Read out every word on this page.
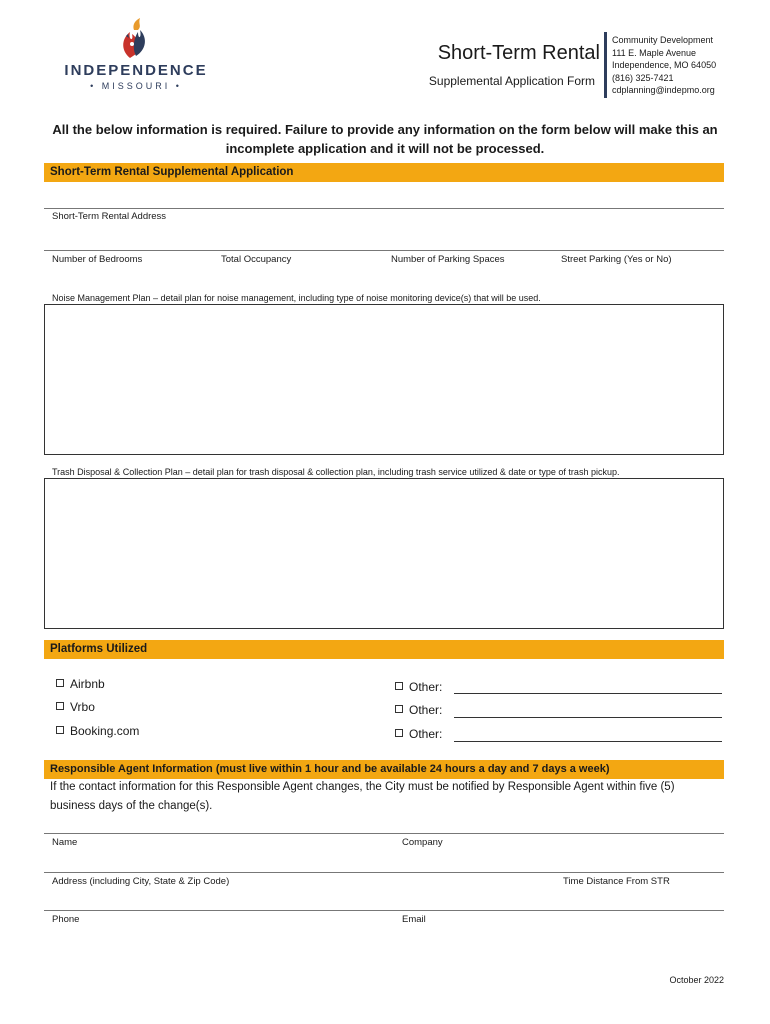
INDEPENDENCE
• MISSOURI •
Short-Term Rental
Supplemental Application Form
Community Development
111 E. Maple Avenue
Independence, MO 64050
(816) 325-7421
cdplanning@indepmo.org
All the below information is required. Failure to provide any information on the form below will make this an incomplete application and it will not be processed.
Short-Term Rental Supplemental Application
Short-Term Rental Address
Number of Bedrooms	Total Occupancy	Number of Parking Spaces	Street Parking (Yes or No)
Noise Management Plan – detail plan for noise management, including type of noise monitoring device(s) that will be used.
Trash Disposal & Collection Plan – detail plan for trash disposal & collection plan, including trash service utilized & date or type of trash pickup.
Platforms Utilized
Airbnb
Vrbo
Booking.com
Other:
Other:
Other:
Responsible Agent Information (must live within 1 hour and be available 24 hours a day and 7 days a week)
If the contact information for this Responsible Agent changes, the City must be notified by Responsible Agent within five (5) business days of the change(s).
Name	Company
Address (including City, State & Zip Code)	Time Distance From STR
Phone	Email
October 2022
